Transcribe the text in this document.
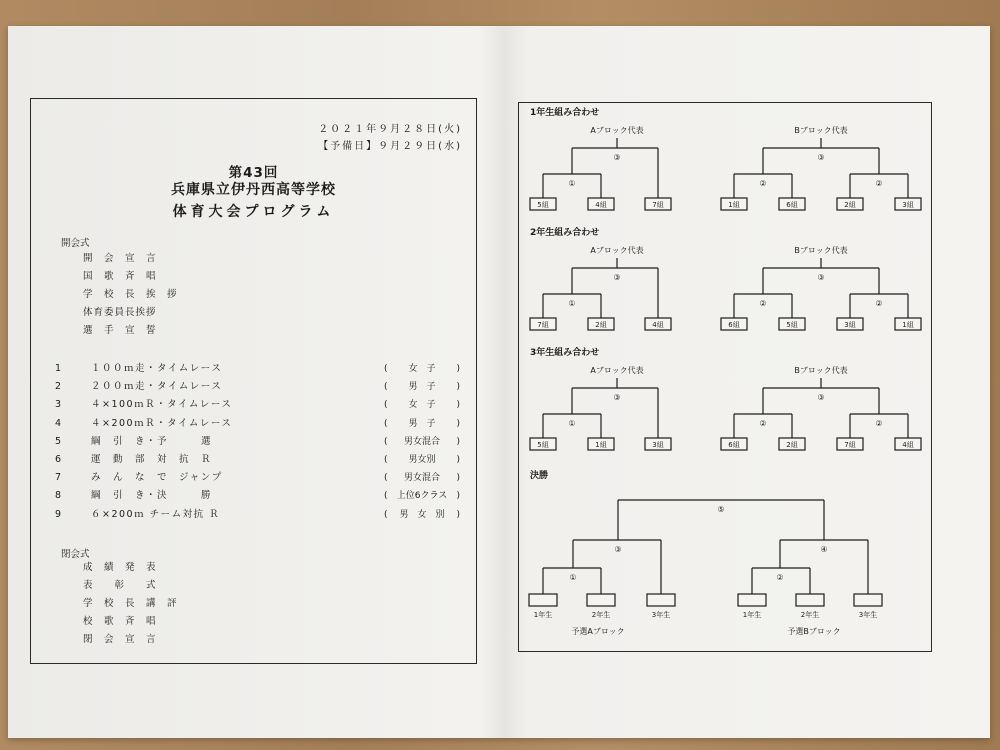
２０２１年９月２８日(火)
【予備日】９月２９日(水)
第43回
兵庫県立伊丹西高等学校
体育大会プログラム
開会式
開　会　宣　言
国　歌　斉　唱
学　校　長　挨　拶
体育委員長挨拶
選　手　宣　誓
1	１００ｍ走・タイムレース	(	女　子	)
2	２００ｍ走・タイムレース	(	男　子	)
3	４×100ｍＲ・タイムレース	(	女　子	)
4	４×200ｍＲ・タイムレース	(	男　子	)
5	綱　引　き・予　　　選	(	男女混合	)
6	運　動　部　対　抗　Ｒ	(	男女別	)
7	み　ん　な　で　ジャンプ	(	男女混合	)
8	綱　引　き・決　　　勝	(	上位6クラス	)
9	６×200ｍ チーム対抗 Ｒ	(	男　女　別	)
閉会式
成　績　発　表
表　　彰　　式
学　校　長　講　評
校　歌　斉　唱
閉　会　宣　言
1年生組み合わせ
Aブロック代表	Bブロック代表
③
①
5組	4組	7組
③
②	②
1組	6組	2組	3組
2年生組み合わせ
Aブロック代表	Bブロック代表
③
①
7組	2組	4組
③
②	②
6組	5組	3組	1組
3年生組み合わせ
Aブロック代表	Bブロック代表
③
①
5組	1組	3組
③
②	②
6組	2組	7組	4組
決勝
⑤
③
①
④
②
1年生	2年生	3年生	1年生	2年生	3年生
予選Aブロック	予選Bブロック
